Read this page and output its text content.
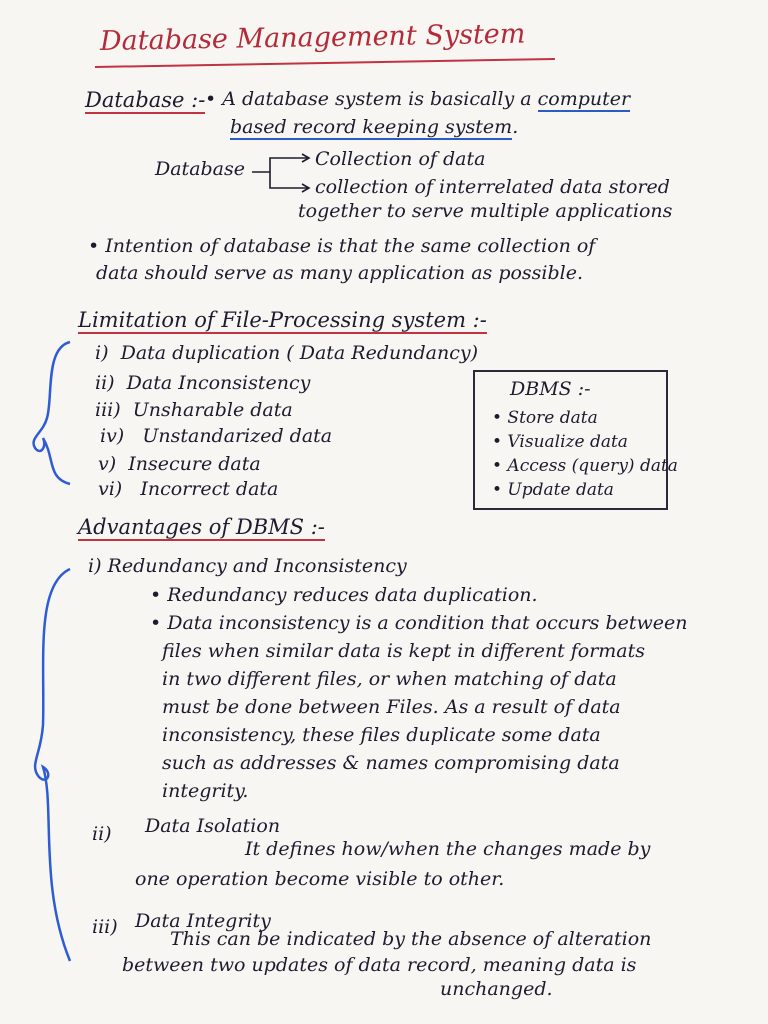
Database Management System
Database :- • A database system is basically a computer
based record keeping system.
Database	Collection of data
collection of interrelated data stored
together to serve multiple applications
• Intention of database is that the same collection of
data should serve as many application as possible.
Limitation of File-Processing system :-
i) Data duplication ( Data Redundancy)
ii) Data Inconsistency
iii) Unsharable data
iv) Unstandarized data
v) Insecure data
vi) Incorrect data
DBMS :-
• Store data
• Visualize data
• Access (query) data
• Update data
Advantages of DBMS :-
i) Redundancy and Inconsistency
• Redundancy reduces data duplication.
• Data inconsistency is a condition that occurs between
files when similar data is kept in different formats
in two different files, or when matching of data
must be done between Files. As a result of data
inconsistency, these files duplicate some data
such as addresses & names compromising data
integrity.
ii) Data Isolation
It defines how/when the changes made by
one operation become visible to other.
iii) Data Integrity
This can be indicated by the absence of alteration
between two updates of data record, meaning data is
unchanged.
